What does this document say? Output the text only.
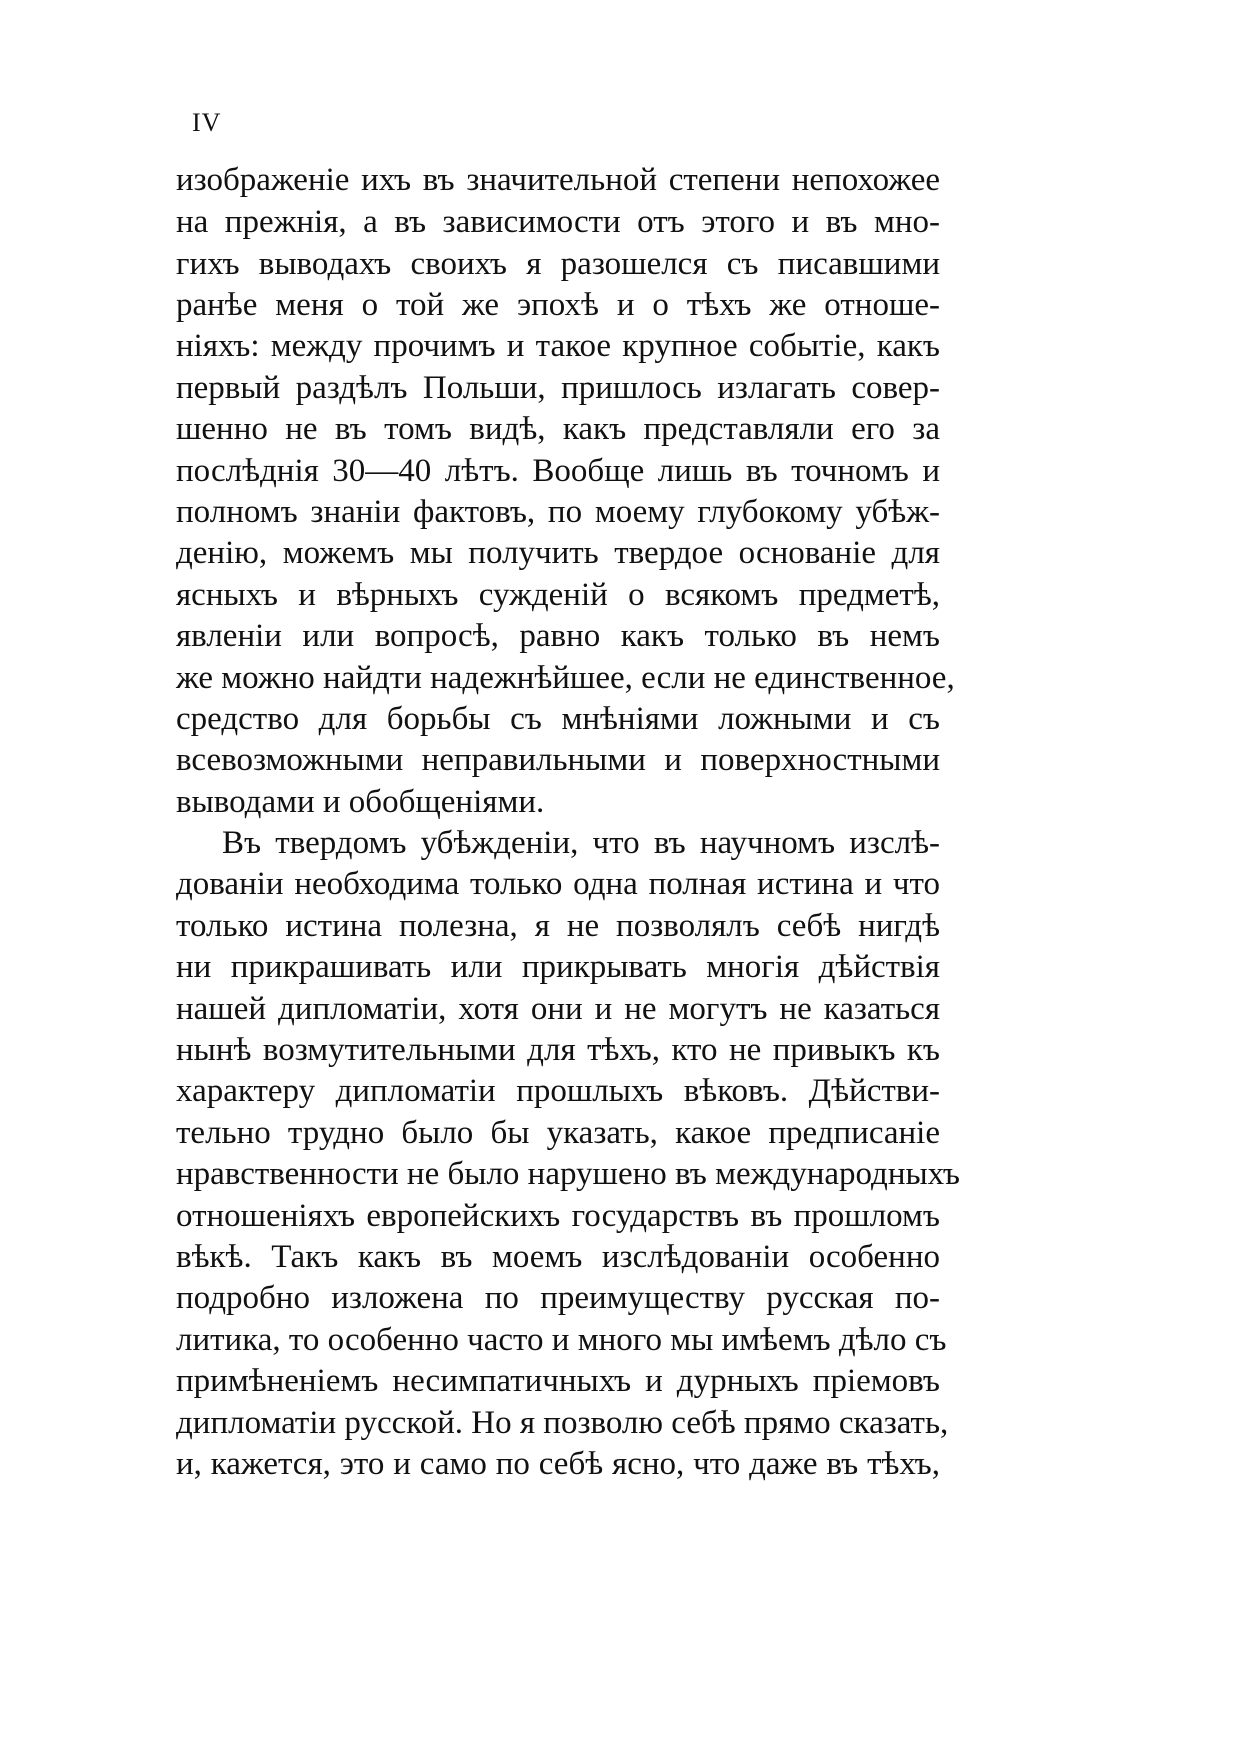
IV
изображеніе ихъ въ значительной степени непохожее
на прежнія, а въ зависимости отъ этого и въ мно-
гихъ выводахъ своихъ я разошелся съ писавшими
ранѣе меня о той же эпохѣ и о тѣхъ же отноше-
ніяхъ: между прочимъ и такое крупное событіе, какъ
первый раздѣлъ Польши, пришлось излагать совер-
шенно не въ томъ видѣ, какъ представляли его за
послѣднія 30—40 лѣтъ. Вообще лишь въ точномъ и
полномъ знаніи фактовъ, по моему глубокому убѣж-
денію, можемъ мы получить твердое основаніе для
ясныхъ и вѣрныхъ сужденій о всякомъ предметѣ,
явленіи или вопросѣ, равно какъ только въ немъ
же можно найдти надежнѣйшее, если не единственное,
средство для борьбы съ мнѣніями ложными и съ
всевозможными неправильными и поверхностными
выводами и обобщеніями.
Въ твердомъ убѣжденіи, что въ научномъ изслѣ-
дованіи необходима только одна полная истина и что
только истина полезна, я не позволялъ себѣ нигдѣ
ни прикрашивать или прикрывать многія дѣйствія
нашей дипломатіи, хотя они и не могутъ не казаться
нынѣ возмутительными для тѣхъ, кто не привыкъ къ
характеру дипломатіи прошлыхъ вѣковъ. Дѣйстви-
тельно трудно было бы указать, какое предписаніе
нравственности не было нарушено въ международныхъ
отношеніяхъ европейскихъ государствъ въ прошломъ
вѣкѣ. Такъ какъ въ моемъ изслѣдованіи особенно
подробно изложена по преимуществу русская по-
литика, то особенно часто и много мы имѣемъ дѣло съ
примѣненіемъ несимпатичныхъ и дурныхъ пріемовъ
дипломатіи русской. Но я позволю себѣ прямо сказать,
и, кажется, это и само по себѣ ясно, что даже въ тѣхъ,
